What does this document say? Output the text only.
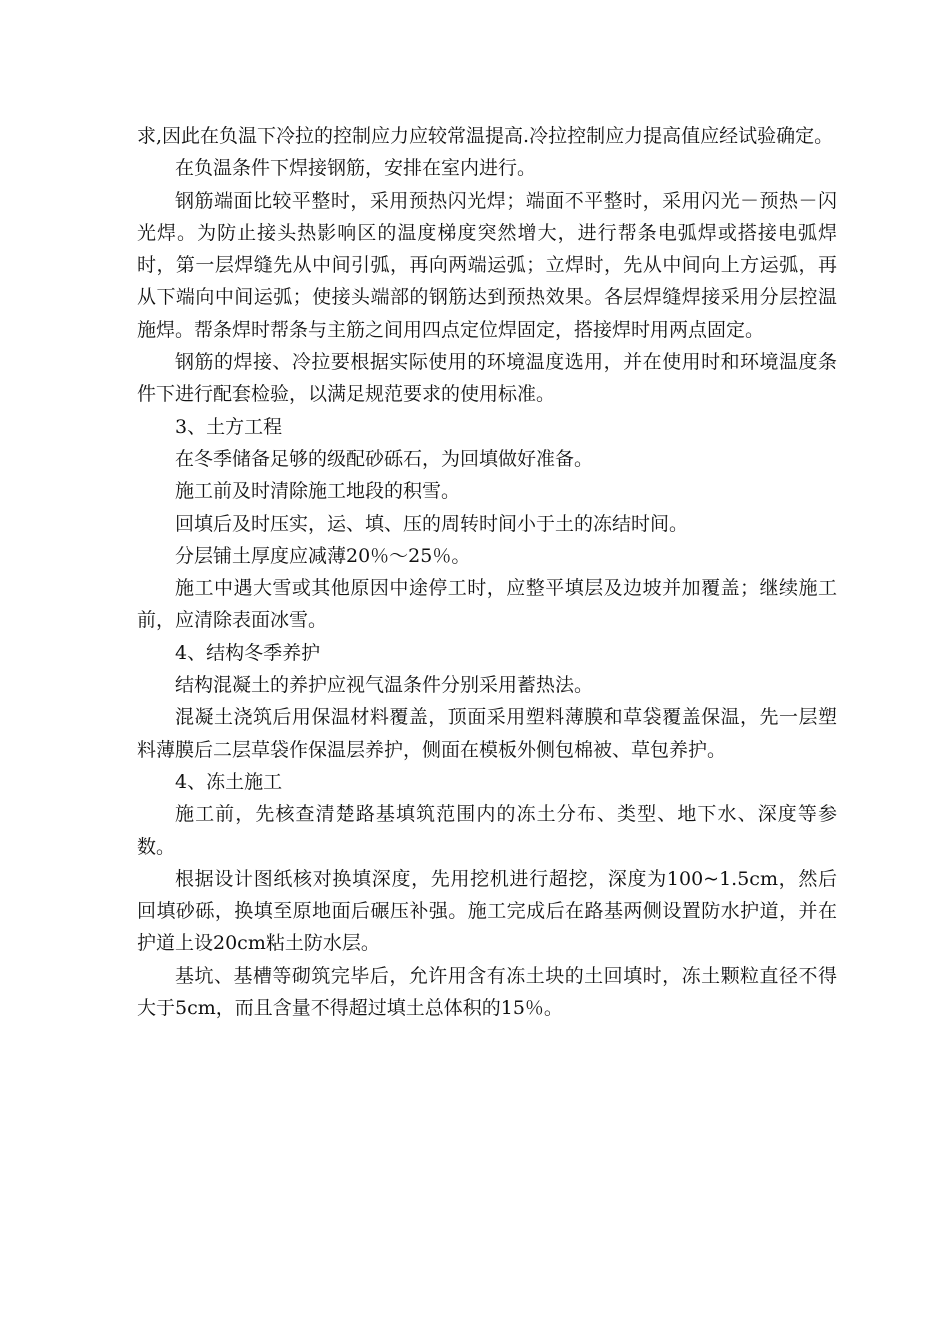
求,因此在负温下冷拉的控制应力应较常温提高.冷拉控制应力提高值应经试验确定。

在负温条件下焊接钢筋，安排在室内进行。

钢筋端面比较平整时，采用预热闪光焊；端面不平整时，采用闪光－预热－闪光焊。为防止接头热影响区的温度梯度突然增大，进行帮条电弧焊或搭接电弧焊时，第一层焊缝先从中间引弧，再向两端运弧；立焊时，先从中间向上方运弧，再从下端向中间运弧；使接头端部的钢筋达到预热效果。各层焊缝焊接采用分层控温施焊。帮条焊时帮条与主筋之间用四点定位焊固定，搭接焊时用两点固定。

钢筋的焊接、冷拉要根据实际使用的环境温度选用，并在使用时和环境温度条件下进行配套检验，以满足规范要求的使用标准。

3、土方工程

在冬季储备足够的级配砂砾石，为回填做好准备。

施工前及时清除施工地段的积雪。

回填后及时压实，运、填、压的周转时间小于土的冻结时间。

分层铺土厚度应减薄20％～25％。

施工中遇大雪或其他原因中途停工时，应整平填层及边坡并加覆盖；继续施工前，应清除表面冰雪。

4、结构冬季养护

结构混凝土的养护应视气温条件分别采用蓄热法。

混凝土浇筑后用保温材料覆盖，顶面采用塑料薄膜和草袋覆盖保温，先一层塑料薄膜后二层草袋作保温层养护，侧面在模板外侧包棉被、草包养护。

4、冻土施工

施工前，先核查清楚路基填筑范围内的冻土分布、类型、地下水、深度等参数。

根据设计图纸核对换填深度，先用挖机进行超挖，深度为100~1.5cm，然后回填砂砾，换填至原地面后碾压补强。施工完成后在路基两侧设置防水护道，并在护道上设20cm粘土防水层。

基坑、基槽等砌筑完毕后，允许用含有冻土块的土回填时，冻土颗粒直径不得大于5cm，而且含量不得超过填土总体积的15％。
